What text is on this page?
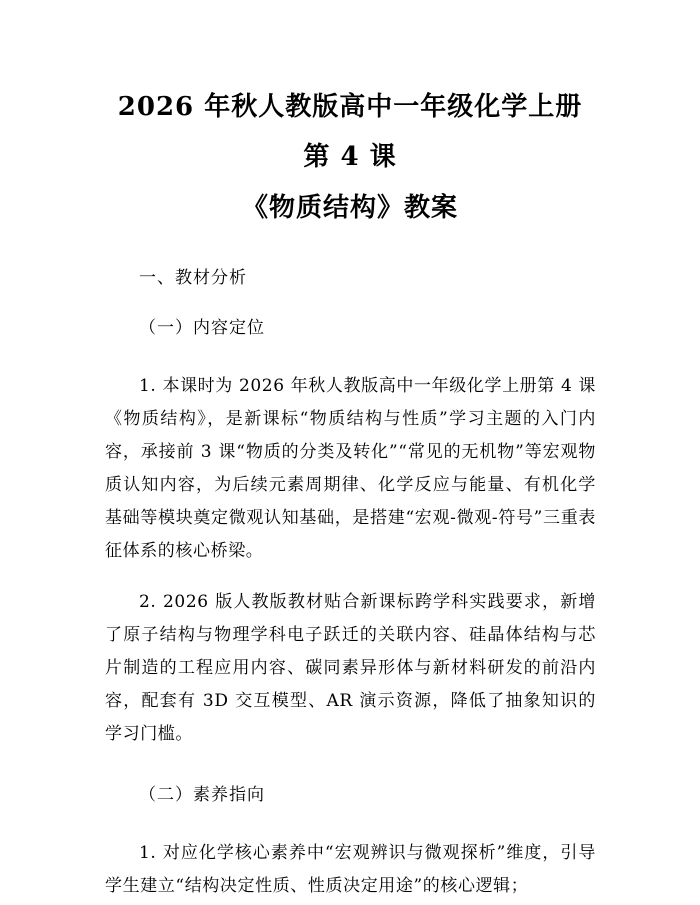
2026 年秋人教版高中一年级化学上册第 4 课
《物质结构》教案

一、教材分析

（一）内容定位

1. 本课时为 2026 年秋人教版高中一年级化学上册第 4 课《物质结构》，是新课标“物质结构与性质”学习主题的入门内容，承接前 3 课“物质的分类及转化”“常见的无机物”等宏观物质认知内容，为后续元素周期律、化学反应与能量、有机化学基础等模块奠定微观认知基础，是搭建“宏观-微观-符号”三重表征体系的核心桥梁。

2. 2026 版人教版教材贴合新课标跨学科实践要求，新增了原子结构与物理学科电子跃迁的关联内容、硅晶体结构与芯片制造的工程应用内容、碳同素异形体与新材料研发的前沿内容，配套有 3D 交互模型、AR 演示资源，降低了抽象知识的学习门槛。

（二）素养指向

1. 对应化学核心素养中“宏观辨识与微观探析”维度，引导学生建立“结构决定性质、性质决定用途”的核心逻辑；
